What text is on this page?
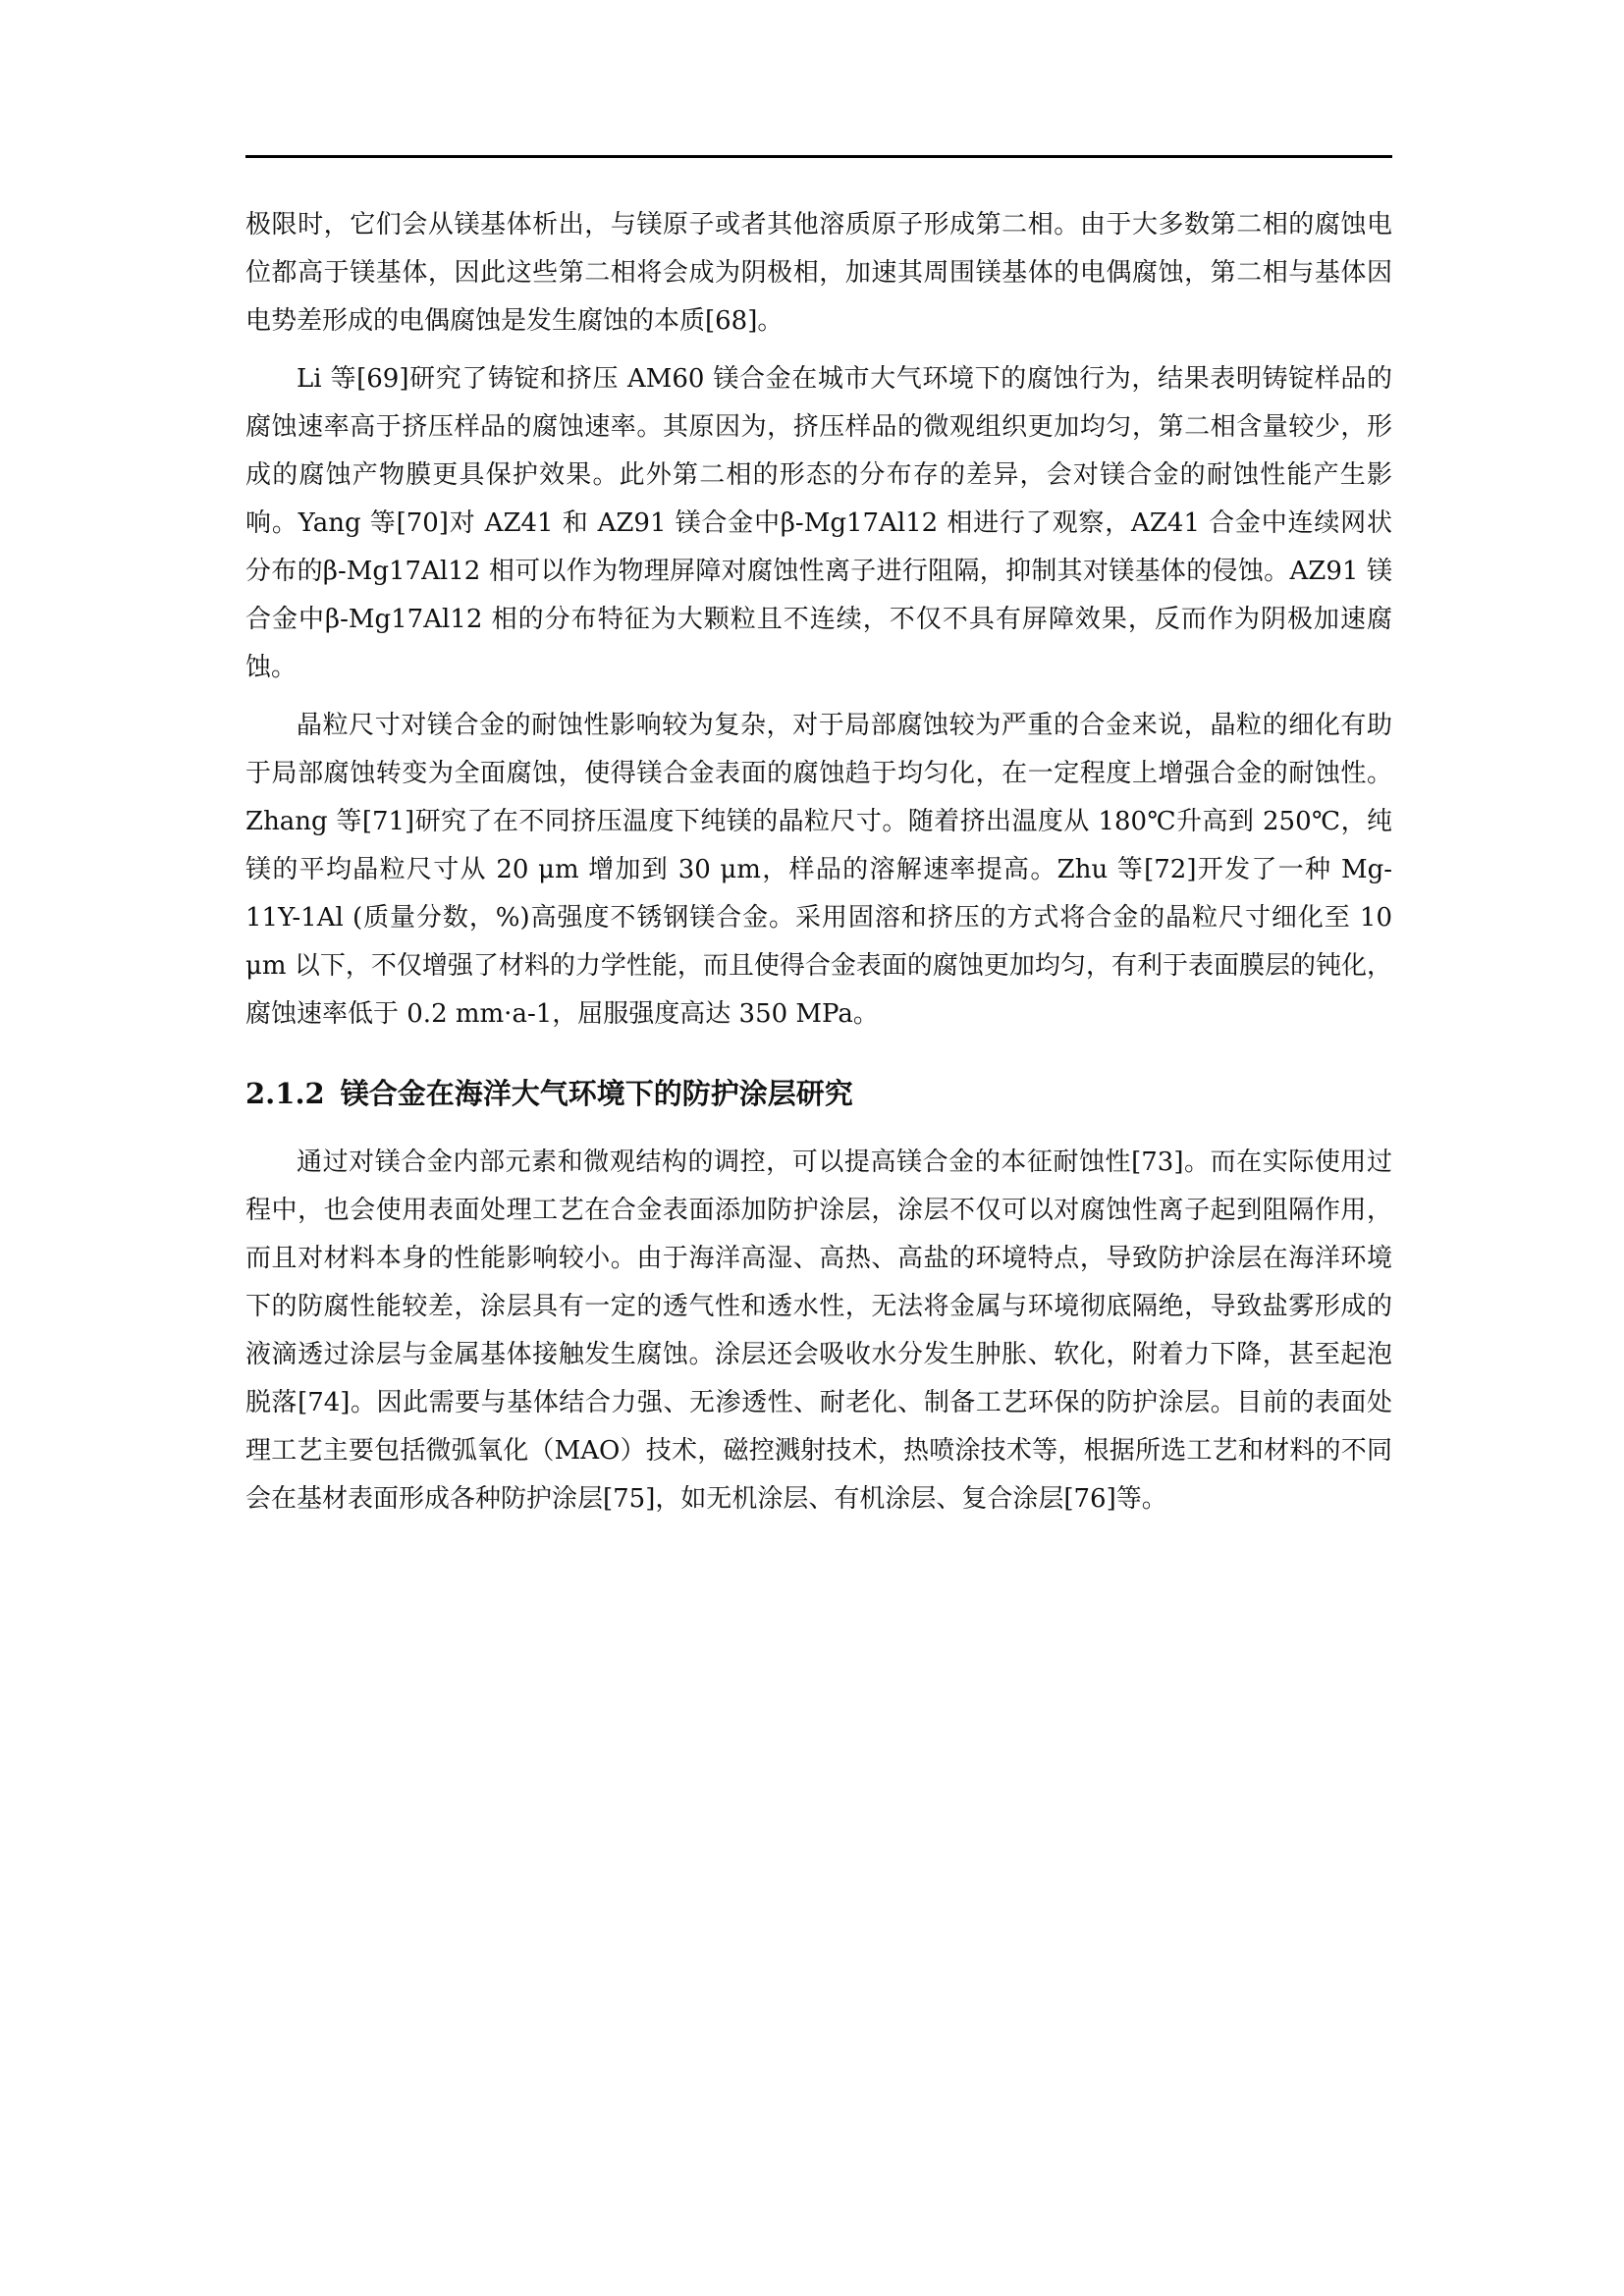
极限时，它们会从镁基体析出，与镁原子或者其他溶质原子形成第二相。由于大多数第二相的腐蚀电位都高于镁基体，因此这些第二相将会成为阴极相，加速其周围镁基体的电偶腐蚀，第二相与基体因电势差形成的电偶腐蚀是发生腐蚀的本质[68]。
Li 等[69]研究了铸锭和挤压 AM60 镁合金在城市大气环境下的腐蚀行为，结果表明铸锭样品的腐蚀速率高于挤压样品的腐蚀速率。其原因为，挤压样品的微观组织更加均匀，第二相含量较少，形成的腐蚀产物膜更具保护效果。此外第二相的形态的分布存的差异，会对镁合金的耐蚀性能产生影响。Yang 等[70]对 AZ41 和 AZ91 镁合金中β-Mg17Al12 相进行了观察，AZ41 合金中连续网状分布的β-Mg17Al12 相可以作为物理屏障对腐蚀性离子进行阻隔，抑制其对镁基体的侵蚀。AZ91 镁合金中β-Mg17Al12 相的分布特征为大颗粒且不连续，不仅不具有屏障效果，反而作为阴极加速腐蚀。
晶粒尺寸对镁合金的耐蚀性影响较为复杂，对于局部腐蚀较为严重的合金来说，晶粒的细化有助于局部腐蚀转变为全面腐蚀，使得镁合金表面的腐蚀趋于均匀化，在一定程度上增强合金的耐蚀性。Zhang 等[71]研究了在不同挤压温度下纯镁的晶粒尺寸。随着挤出温度从 180℃升高到 250℃，纯镁的平均晶粒尺寸从 20 μm 增加到 30 μm，样品的溶解速率提高。Zhu 等[72]开发了一种 Mg-11Y-1Al (质量分数，%)高强度不锈钢镁合金。采用固溶和挤压的方式将合金的晶粒尺寸细化至 10 μm 以下，不仅增强了材料的力学性能，而且使得合金表面的腐蚀更加均匀，有利于表面膜层的钝化，腐蚀速率低于 0.2 mm·a-1，屈服强度高达 350 MPa。
2.1.2 镁合金在海洋大气环境下的防护涂层研究
通过对镁合金内部元素和微观结构的调控，可以提高镁合金的本征耐蚀性[73]。而在实际使用过程中，也会使用表面处理工艺在合金表面添加防护涂层，涂层不仅可以对腐蚀性离子起到阻隔作用，而且对材料本身的性能影响较小。由于海洋高湿、高热、高盐的环境特点，导致防护涂层在海洋环境下的防腐性能较差，涂层具有一定的透气性和透水性，无法将金属与环境彻底隔绝，导致盐雾形成的液滴透过涂层与金属基体接触发生腐蚀。涂层还会吸收水分发生肿胀、软化，附着力下降，甚至起泡脱落[74]。因此需要与基体结合力强、无渗透性、耐老化、制备工艺环保的防护涂层。目前的表面处理工艺主要包括微弧氧化（MAO）技术，磁控溅射技术，热喷涂技术等，根据所选工艺和材料的不同会在基材表面形成各种防护涂层[75]，如无机涂层、有机涂层、复合涂层[76]等。
